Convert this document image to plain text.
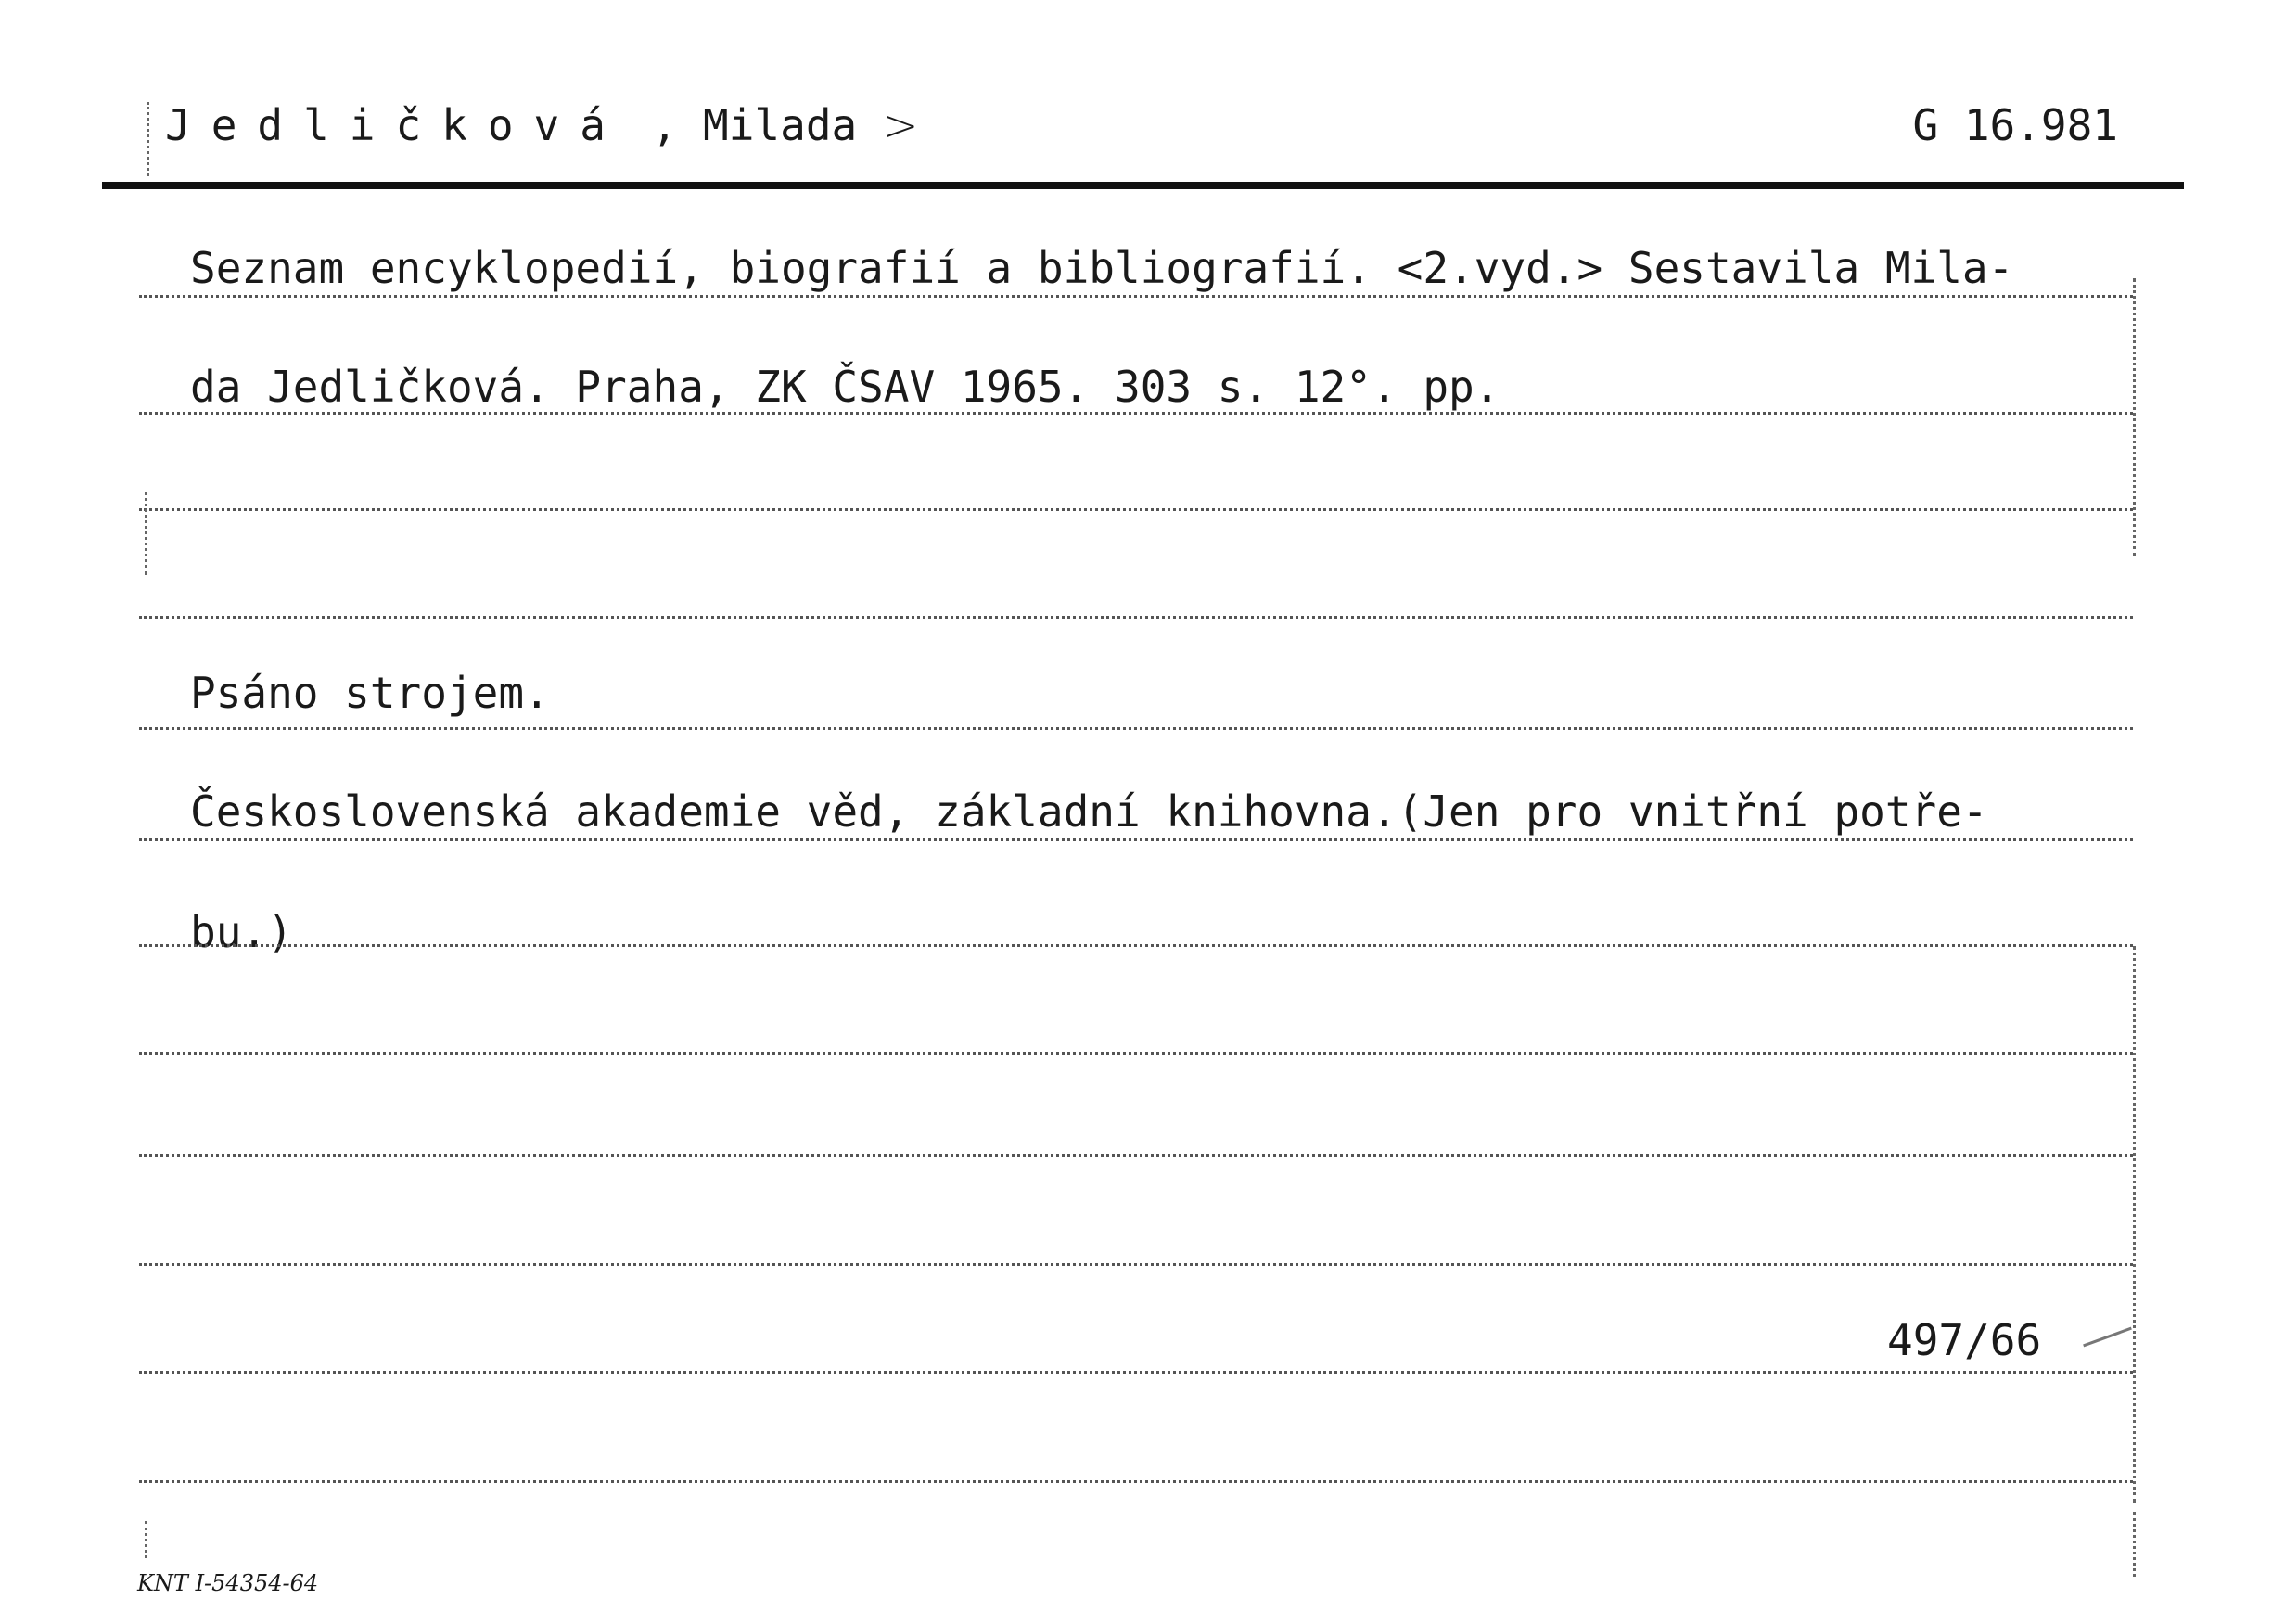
Jedličková , Milada >	G 16.981
Seznam encyklopedií, biografií a bibliografií. <2.vyd.> Sestavila Mila-
da Jedličková. Praha, ZK ČSAV 1965. 303 s. 12°. pp.
Psáno strojem.
Československá akademie věd, základní knihovna.(Jen pro vnitřní potře-
bu.)
497/66
KNT I-54354-64
